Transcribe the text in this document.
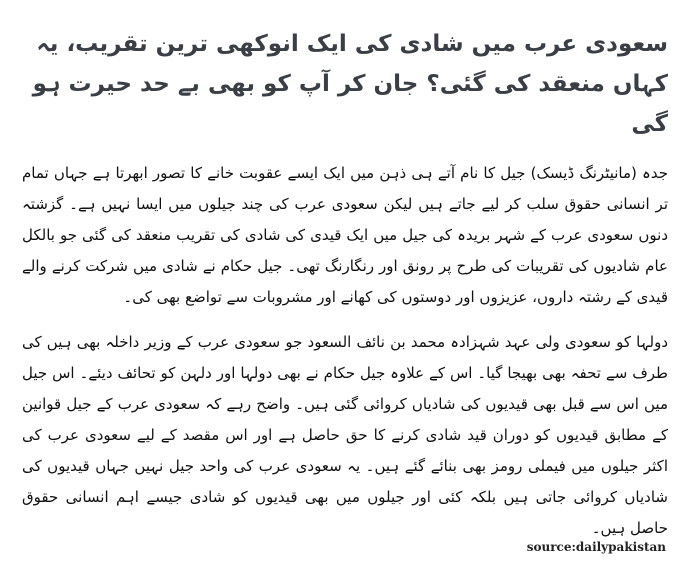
سعودی عرب میں شادی کی ایک انوکھی ترین تقریب، یہ کہاں منعقد کی گئی؟ جان کر آپ کو بھی بے حد حیرت ہو گی

جدہ (مانیٹرنگ ڈیسک) جیل کا نام آتے ہی ذہن میں ایک ایسے عقوبت خانے کا تصور ابھرتا ہے جہاں تمام تر انسانی حقوق سلب کر لیے جاتے ہیں لیکن سعودی عرب کی چند جیلوں میں ایسا نہیں ہے۔ گزشتہ دنوں سعودی عرب کے شہر بریدہ کی جیل میں ایک قیدی کی شادی کی تقریب منعقد کی گئی جو بالکل عام شادیوں کی تقریبات کی طرح پر رونق اور رنگارنگ تھی۔ جیل حکام نے شادی میں شرکت کرنے والے قیدی کے رشتہ داروں، عزیزوں اور دوستوں کی کھانے اور مشروبات سے تواضع بھی کی۔

دولہا کو سعودی ولی عہد شہزادہ محمد بن نائف السعود جو سعودی عرب کے وزیر داخلہ بھی ہیں کی طرف سے تحفہ بھی بھیجا گیا۔ اس کے علاوہ جیل حکام نے بھی دولہا اور دلہن کو تحائف دیئے۔ اس جیل میں اس سے قبل بھی قیدیوں کی شادیاں کروائی گئی ہیں۔ واضح رہے کہ سعودی عرب کے جیل قوانین کے مطابق قیدیوں کو دوران قید شادی کرنے کا حق حاصل ہے اور اس مقصد کے لیے سعودی عرب کی اکثر جیلوں میں فیملی رومز بھی بنائے گئے ہیں۔ یہ سعودی عرب کی واحد جیل نہیں جہاں قیدیوں کی شادیاں کروائی جاتی ہیں بلکہ کئی اور جیلوں میں بھی قیدیوں کو شادی جیسے اہم انسانی حقوق حاصل ہیں۔

source:dailypakistan
